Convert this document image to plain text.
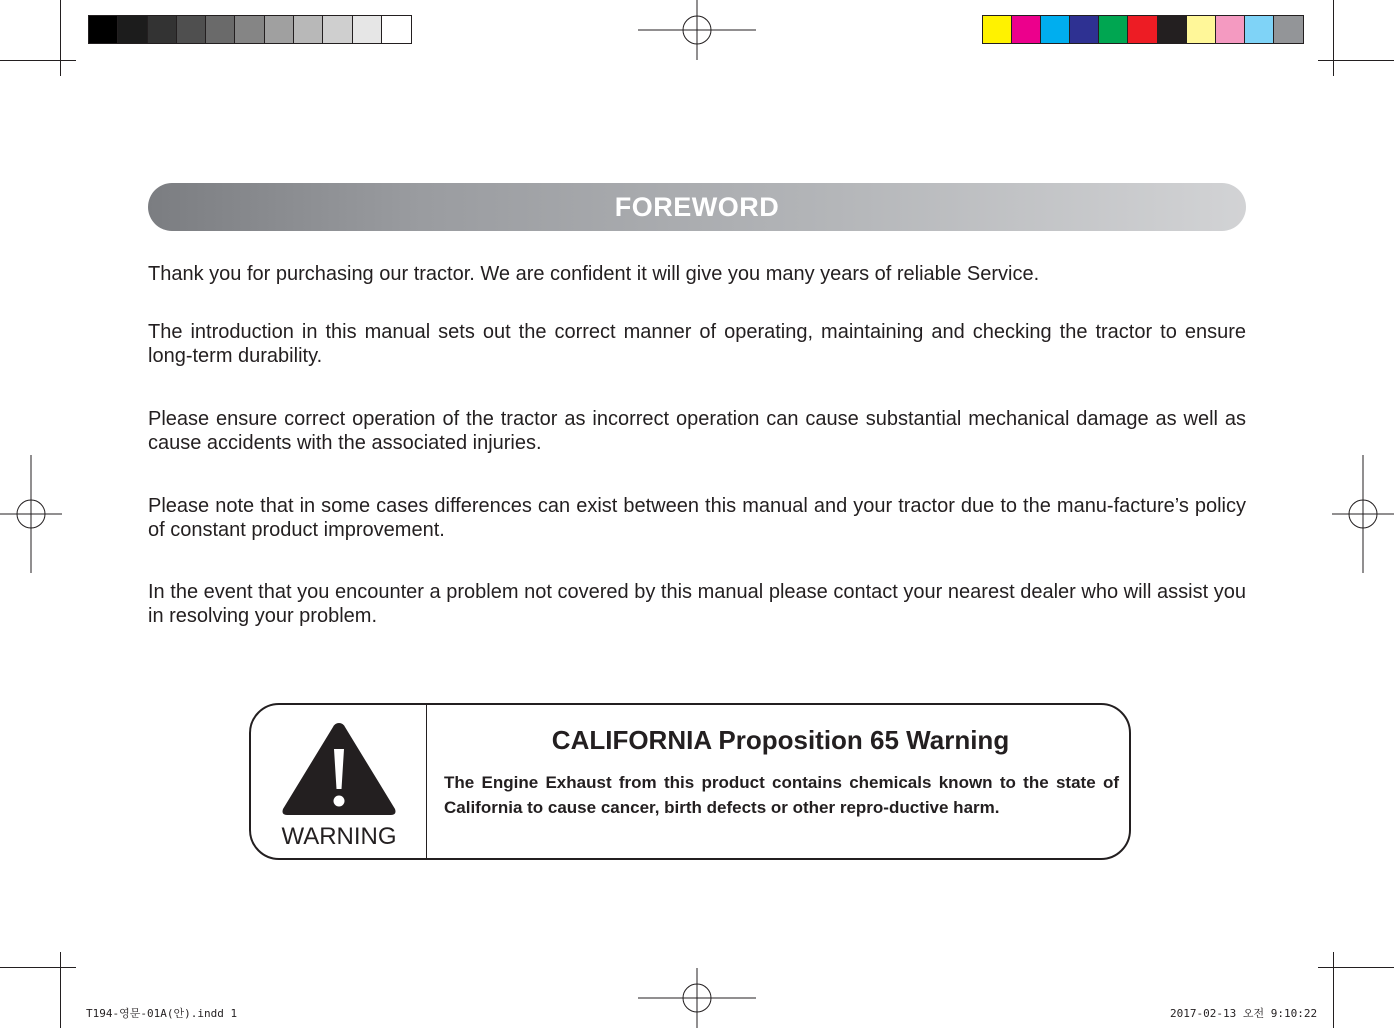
FOREWORD

Thank you for purchasing our tractor. We are confident it will give you many years of reliable Service.

The introduction in this manual sets out the correct manner of operating, maintaining and checking the tractor to ensure long-term durability.

Please ensure correct operation of the tractor as incorrect operation can cause substantial mechanical damage as well as cause accidents with the associated injuries.

Please note that in some cases differences can exist between this manual and your tractor due to the manu-facture’s policy of constant product improvement.

In the event that you encounter a problem not covered by this manual please contact your nearest dealer who will assist you in resolving your problem.

WARNING
CALIFORNIA Proposition 65 Warning

The Engine Exhaust from this product contains chemicals known to the state of California to cause cancer, birth defects or other repro-ductive harm.

T194-영문-01A(안).indd 1	2017-02-13 오전 9:10:22
